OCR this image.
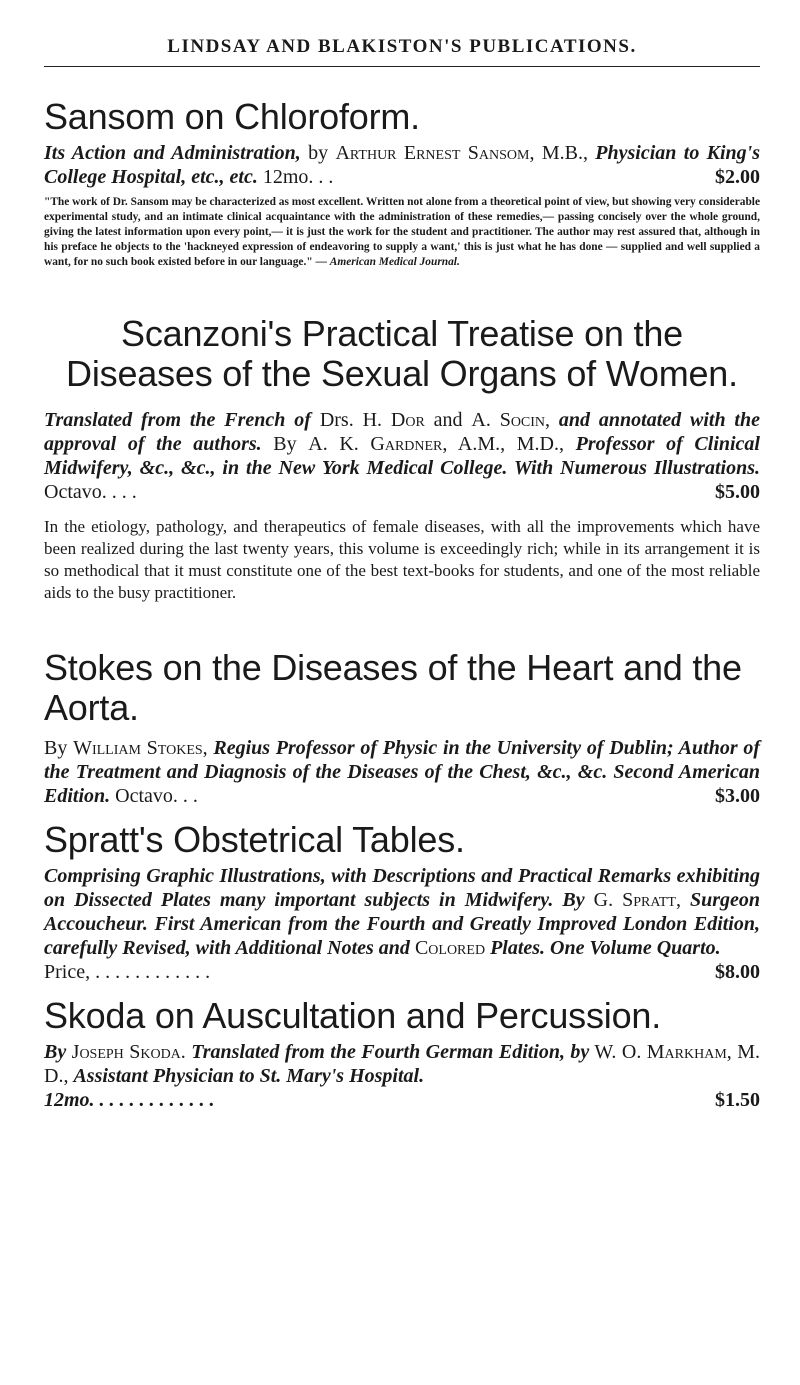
LINDSAY AND BLAKISTON'S PUBLICATIONS.
Sansom on Chloroform.

Its Action and Administration, by Arthur Ernest Sansom, M.B., Physician to King's College Hospital, etc., etc. 12mo. . .	$2.00

"The work of Dr. Sansom may be characterized as most excellent. Written not alone from a theoretical point of view, but showing very considerable experimental study, and an intimate clinical acquaintance with the administration of these remedies,— passing concisely over the whole ground, giving the latest information upon every point,— it is just the work for the student and practitioner. The author may rest assured that, although in his preface he objects to the 'hackneyed expression of endeavoring to supply a want,' this is just what he has done — supplied and well supplied a want, for no such book existed before in our language." — American Medical Journal.

Scanzoni's Practical Treatise on the Diseases of the Sexual Organs of Women.

Translated from the French of Drs. H. Dor and A. Socin, and annotated with the approval of the authors. By A. K. Gardner, A.M., M.D., Professor of Clinical Midwifery, &c., &c., in the New York Medical College. With Numerous Illustrations. Octavo. . . .	$5.00

In the etiology, pathology, and therapeutics of female diseases, with all the improvements which have been realized during the last twenty years, this volume is exceedingly rich; while in its arrangement it is so methodical that it must constitute one of the best text-books for students, and one of the most reliable aids to the busy practitioner.

Stokes on the Diseases of the Heart and the Aorta.

By William Stokes, Regius Professor of Physic in the University of Dublin; Author of the Treatment and Diagnosis of the Diseases of the Chest, &c., &c. Second American Edition. Octavo. . .	$3.00

Spratt's Obstetrical Tables.

Comprising Graphic Illustrations, with Descriptions and Practical Remarks exhibiting on Dissected Plates many important subjects in Midwifery. By G. Spratt, Surgeon Accoucheur. First American from the Fourth and Greatly Improved London Edition, carefully Revised, with Additional Notes and Colored Plates. One Volume Quarto.

Price, . . . . . . . . . . . .	$8.00

Skoda on Auscultation and Percussion.

By Joseph Skoda. Translated from the Fourth German Edition, by W. O. Markham, M. D., Assistant Physician to St. Mary's Hospital.

12mo. . . . . . . . . . . . .	$1.50
